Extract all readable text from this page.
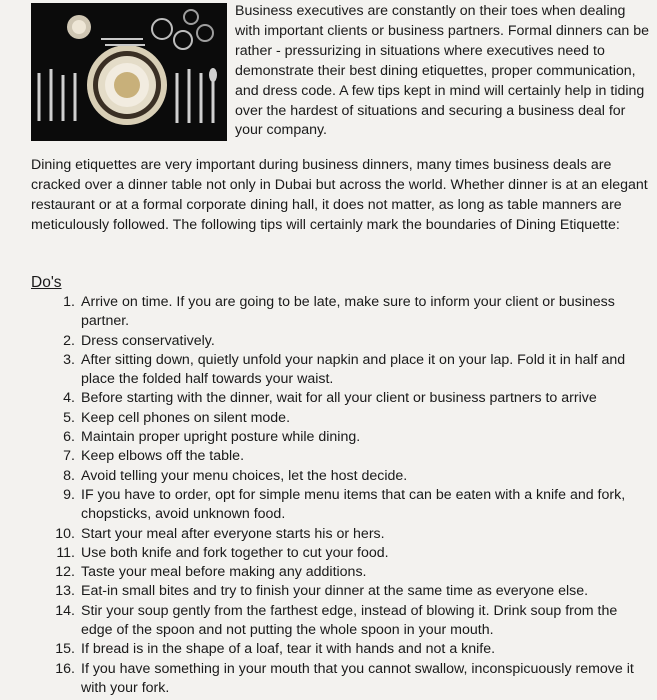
Business executives are constantly on their toes when dealing with important clients or business partners. Formal dinners can be rather - pressurizing in situations where executives need to demonstrate their best dining etiquettes, proper communication, and dress code. A few tips kept in mind will certainly help in tiding over the hardest of situations and securing a business deal for your company.
Dining etiquettes are very important during business dinners, many times business deals are cracked over a dinner table not only in Dubai but across the world. Whether dinner is at an elegant restaurant or at a formal corporate dining hall, it does not matter, as long as table manners are meticulously followed. The following tips will certainly mark the boundaries of Dining Etiquette:
Do's
1. Arrive on time. If you are going to be late, make sure to inform your client or business partner.
2. Dress conservatively.
3. After sitting down, quietly unfold your napkin and place it on your lap. Fold it in half and place the folded half towards your waist.
4. Before starting with the dinner, wait for all your client or business partners to arrive
5. Keep cell phones on silent mode.
6. Maintain proper upright posture while dining.
7. Keep elbows off the table.
8. Avoid telling your menu choices, let the host decide.
9. IF you have to order, opt for simple menu items that can be eaten with a knife and fork, chopsticks, avoid unknown food.
10. Start your meal after everyone starts his or hers.
11. Use both knife and fork together to cut your food.
12. Taste your meal before making any additions.
13. Eat-in small bites and try to finish your dinner at the same time as everyone else.
14. Stir your soup gently from the farthest edge, instead of blowing it. Drink soup from the edge of the spoon and not putting the whole spoon in your mouth.
15. If bread is in the shape of a loaf, tear it with hands and not a knife.
16. If you have something in your mouth that you cannot swallow, inconspicuously remove it with your fork.
